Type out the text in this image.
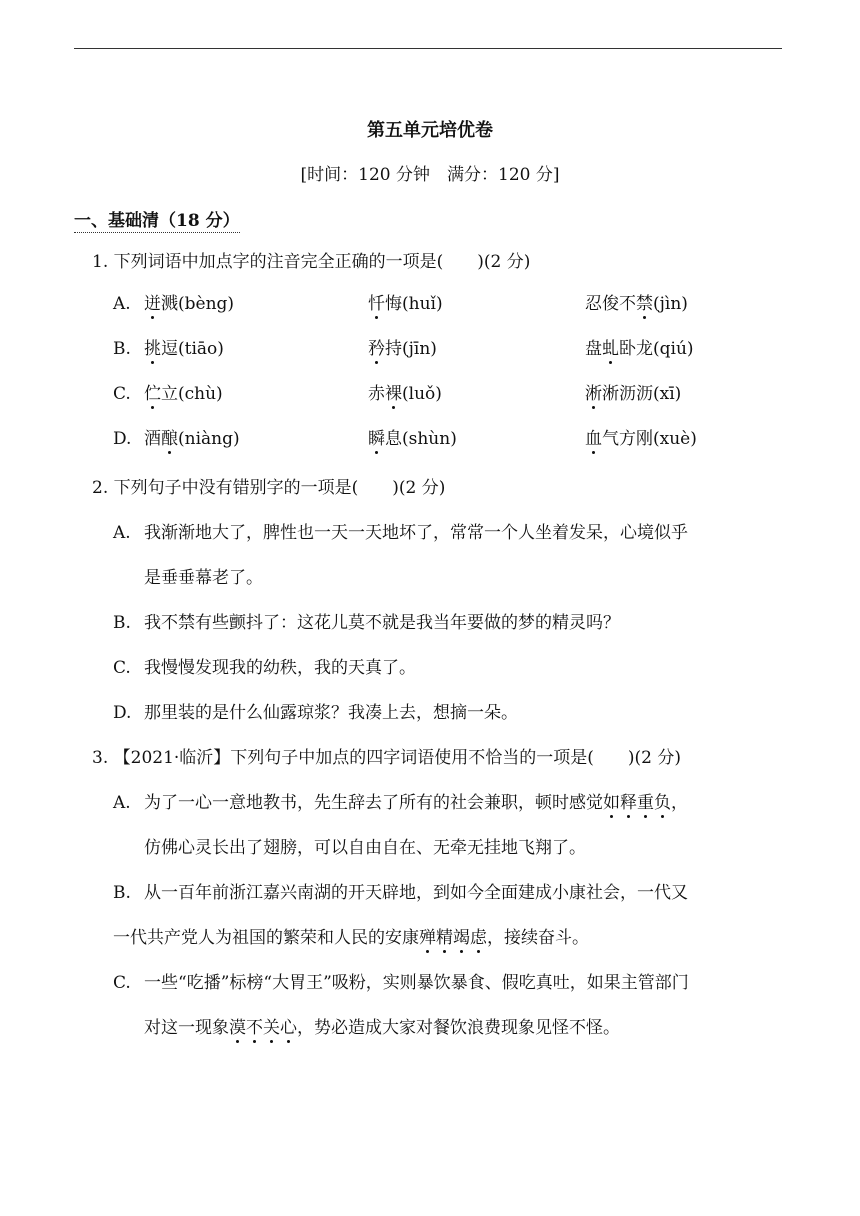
第五单元培优卷
[时间：120 分钟　满分：120 分]
一、基础清（18 分）
1. 下列词语中加点字的注音完全正确的一项是(　　)(2 分)
A. 迸溅(bèng)	忏悔(huǐ)	忍俊不禁(jìn)
B. 挑逗(tiāo)	矜持(jīn)	盘虬卧龙(qiú)
C. 伫立(chù)	赤裸(luǒ)	淅淅沥沥(xī)
D. 酒酿(niàng)	瞬息(shùn)	血气方刚(xuè)
2. 下列句子中没有错别字的一项是(　　)(2 分)
A. 我渐渐地大了，脾性也一天一天地坏了，常常一个人坐着发呆，心境似乎
是垂垂幕老了。
B. 我不禁有些颤抖了：这花儿莫不就是我当年要做的梦的精灵吗？
C. 我慢慢发现我的幼秩，我的天真了。
D. 那里装的是什么仙露琼浆？我凑上去，想摘一朵。
3. 【2021·临沂】下列句子中加点的四字词语使用不恰当的一项是(　　)(2 分)
A. 为了一心一意地教书，先生辞去了所有的社会兼职，顿时感觉如释重负，
仿佛心灵长出了翅膀，可以自由自在、无牵无挂地飞翔了。
B. 从一百年前浙江嘉兴南湖的开天辟地，到如今全面建成小康社会，一代又
一代共产党人为祖国的繁荣和人民的安康殚精竭虑，接续奋斗。
C. 一些“吃播”标榜“大胃王”吸粉，实则暴饮暴食、假吃真吐，如果主管部门
对这一现象漠不关心，势必造成大家对餐饮浪费现象见怪不怪。
